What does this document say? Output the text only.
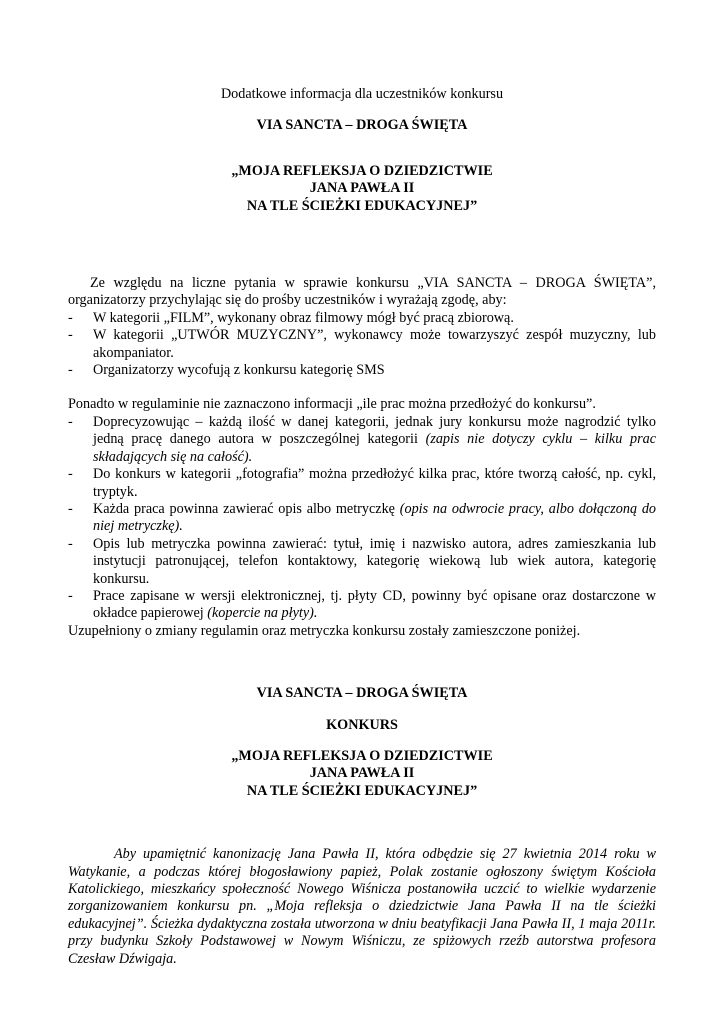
Dodatkowe informacja dla uczestników konkursu

VIA SANCTA – DROGA ŚWIĘTA

„MOJA REFLEKSJA O DZIEDZICTWIE

JANA PAWŁA II

NA TLE ŚCIEŻKI EDUKACYJNEJ”

Ze względu na liczne pytania w sprawie konkursu „VIA SANCTA – DROGA ŚWIĘTA”, organizatorzy przychylając się do prośby uczestników i wyrażają zgodę, aby:

- W kategorii „FILM”, wykonany obraz filmowy mógł być pracą zbiorową.
- W kategorii „UTWÓR MUZYCZNY”, wykonawcy może towarzyszyć zespół muzyczny, lub akompaniator.
- Organizatorzy wycofują z konkursu kategorię SMS

Ponadto w regulaminie nie zaznaczono informacji „ile prac można przedłożyć do konkursu”.

- Doprecyzowując – każdą ilość w danej kategorii, jednak jury konkursu może nagrodzić tylko jedną pracę danego autora w poszczególnej kategorii (zapis nie dotyczy cyklu – kilku prac składających się na całość).
- Do konkurs w kategorii „fotografia” można przedłożyć kilka prac, które tworzą całość, np. cykl, tryptyk.
- Każda praca powinna zawierać opis albo metryczkę (opis na odwrocie pracy, albo dołączoną do niej metryczkę).
- Opis lub metryczka powinna zawierać: tytuł, imię i nazwisko autora, adres zamieszkania lub instytucji patronującej, telefon kontaktowy, kategorię wiekową lub wiek autora, kategorię konkursu.
- Prace zapisane w wersji elektronicznej, tj. płyty CD, powinny być opisane oraz dostarczone w okładce papierowej (kopercie na płyty).

Uzupełniony o zmiany regulamin oraz metryczka konkursu zostały zamieszczone poniżej.

VIA SANCTA – DROGA ŚWIĘTA

KONKURS

„MOJA REFLEKSJA O DZIEDZICTWIE

JANA PAWŁA II

NA TLE ŚCIEŻKI EDUKACYJNEJ”

Aby upamiętnić kanonizację Jana Pawła II, która odbędzie się 27 kwietnia 2014 roku w Watykanie, a podczas której błogosławiony papież, Polak zostanie ogłoszony świętym Kościoła Katolickiego, mieszkańcy społeczność Nowego Wiśnicza postanowiła uczcić to wielkie wydarzenie zorganizowaniem konkursu pn. „Moja refleksja o dziedzictwie Jana Pawła II na tle ścieżki edukacyjnej”. Ścieżka dydaktyczna została utworzona w dniu beatyfikacji Jana Pawła II, 1 maja 2011r. przy budynku Szkoły Podstawowej w Nowym Wiśniczu, ze spiżowych rzeźb autorstwa profesora Czesław Dźwigaja.
